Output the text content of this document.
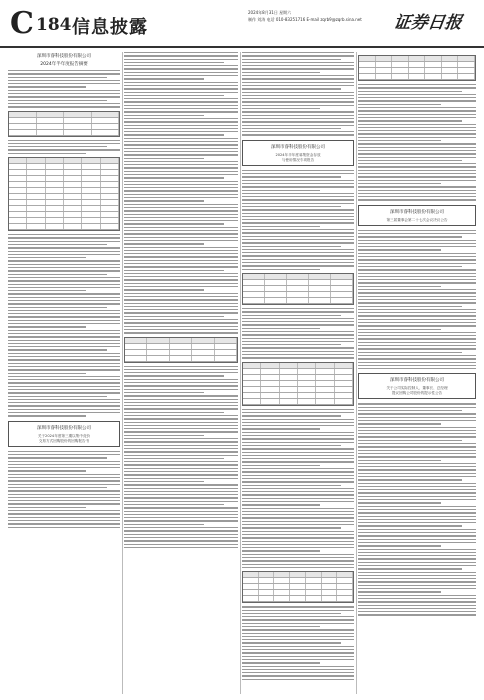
C 184 信息披露
2024年8月31日 星期六
制作 刘涛 电话 010-83251716 E-mail zqrb9@zqrb.sina.net 证券日报
深圳市睿科技股份有限公司
2024年半年度报告摘要
深圳市睿科技股份有限公司
关于2024年度第三期以集中竞价
交易方式回购股份的回购报告书
深圳市睿科技股份有限公司
2024年半年度募集资金存放
与使用情况专项报告
深圳市睿科技股份有限公司
第三届董事会第二十七次会议决议公告
深圳市睿科技股份有限公司
关于公司实际控制人、董事长、总经理
提议回购公司股份的提示性公告
